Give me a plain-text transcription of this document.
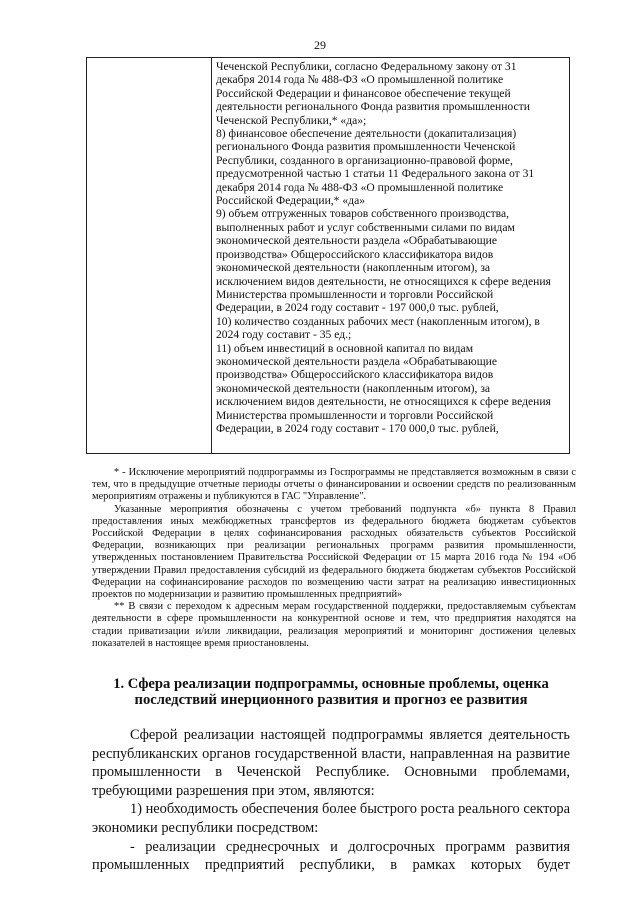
29
Чеченской Республики, согласно Федеральному закону от 31
декабря 2014 года № 488-ФЗ «О промышленной политике
Российской Федерации и финансовое обеспечение текущей
деятельности регионального Фонда развития промышленности
Чеченской Республики,* «да»;
8) финансовое обеспечение деятельности (докапитализация)
регионального Фонда развития промышленности Чеченской
Республики, созданного в организационно-правовой форме,
предусмотренной частью 1 статьи 11 Федерального закона от 31
декабря 2014 года № 488-ФЗ «О промышленной политике
Российской Федерации,* «да»
9) объем отгруженных товаров собственного производства,
выполненных работ и услуг собственными силами по видам
экономической деятельности раздела «Обрабатывающие
производства» Общероссийского классификатора видов
экономической деятельности (накопленным итогом), за
исключением видов деятельности, не относящихся к сфере ведения
Министерства промышленности и торговли Российской
Федерации, в 2024 году составит - 197 000,0 тыс. рублей,
10) количество созданных рабочих мест (накопленным итогом), в
2024 году составит - 35 ед.;
11) объем инвестиций в основной капитал по видам
экономической деятельности раздела «Обрабатывающие
производства» Общероссийского классификатора видов
экономической деятельности (накопленным итогом), за
исключением видов деятельности, не относящихся к сфере ведения
Министерства промышленности и торговли Российской
Федерации, в 2024 году составит - 170 000,0 тыс. рублей,

* - Исключение мероприятий подпрограммы из Госпрограммы не представляется возможным в связи с тем, что в предыдущие отчетные периоды отчеты о финансировании и освоении средств по реализованным мероприятиям отражены и публикуются в ГАС "Управление".

Указанные мероприятия обозначены с учетом требований подпункта «б» пункта 8 Правил предоставления иных межбюджетных трансфертов из федерального бюджета бюджетам субъектов Российской Федерации в целях софинансирования расходных обязательств субъектов Российской Федерации, возникающих при реализации региональных программ развития промышленности, утвержденных постановлением Правительства Российской Федерации от 15 марта 2016 года № 194 «Об утверждении Правил предоставления субсидий из федерального бюджета бюджетам субъектов Российской Федерации на софинансирование расходов по возмещению части затрат на реализацию инвестиционных проектов по модернизации и развитию промышленных предприятий»

** В связи с переходом к адресным мерам государственной поддержки, предоставляемым субъектам деятельности в сфере промышленности на конкурентной основе и тем, что предприятия находятся на стадии приватизации и/или ликвидации, реализация мероприятий и мониторинг достижения целевых показателей в настоящее время приостановлены.

1. Сфера реализации подпрограммы, основные проблемы, оценка
последствий инерционного развития и прогноз ее развития

Сферой реализации настоящей подпрограммы является деятельность республиканских органов государственной власти, направленная на развитие промышленности в Чеченской Республике. Основными проблемами, требующими разрешения при этом, являются:

1) необходимость обеспечения более быстрого роста реального сектора экономики республики посредством:

- реализации среднесрочных и долгосрочных программ развития промышленных предприятий республики, в рамках которых будет
